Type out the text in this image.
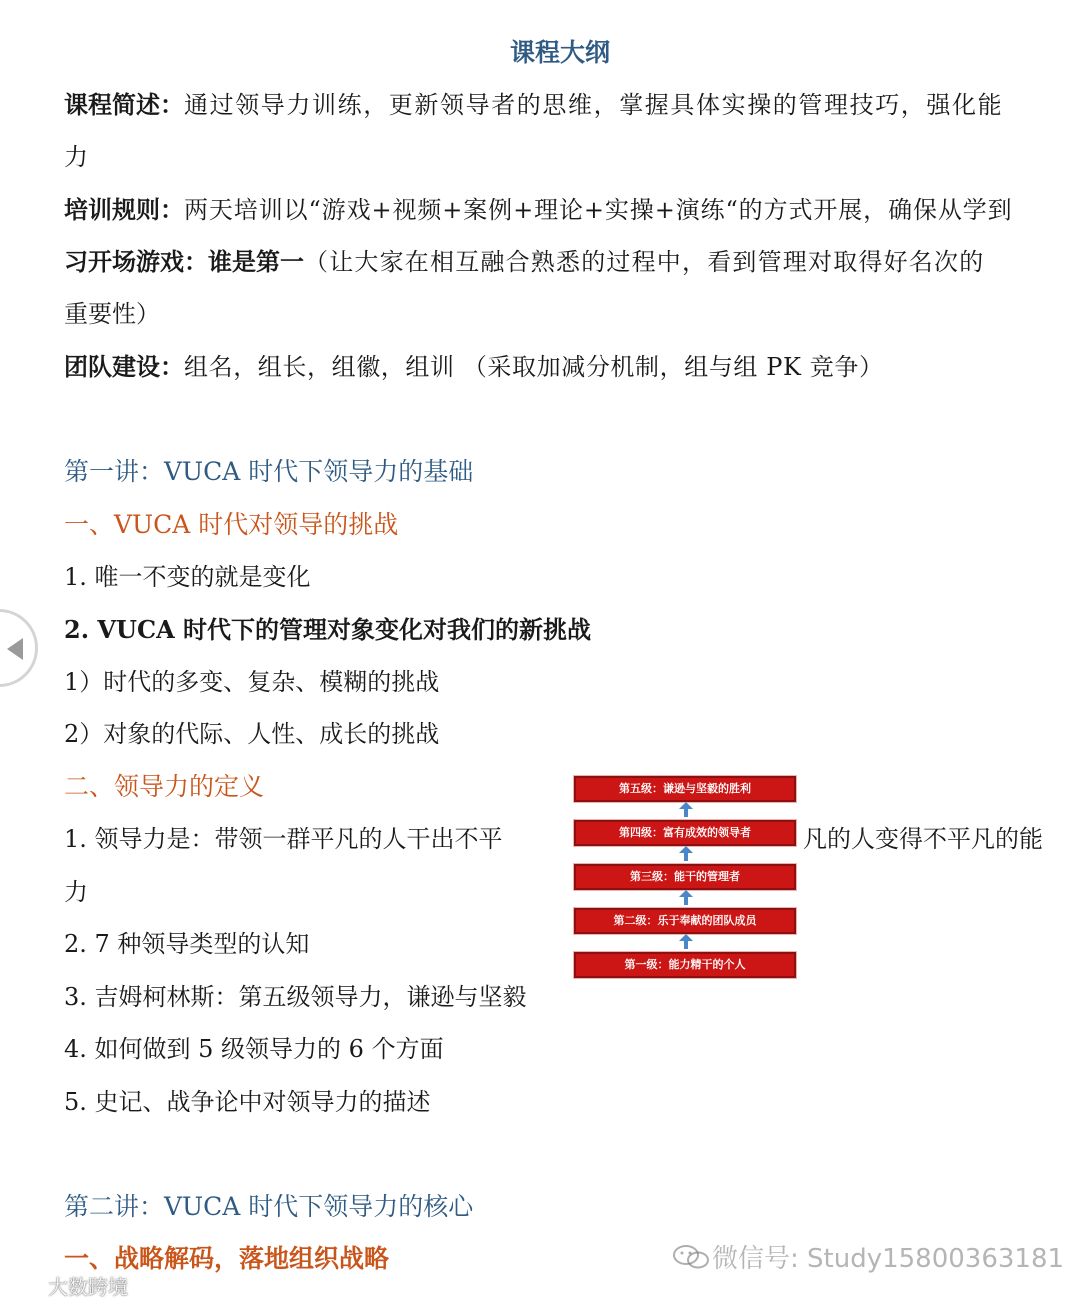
课程大纲
课程简述：通过领导力训练，更新领导者的思维，掌握具体实操的管理技巧，强化能
力
培训规则：两天培训以“游戏+视频+案例+理论+实操+演练“的方式开展，确保从学到
习开场游戏：谁是第一（让大家在相互融合熟悉的过程中，看到管理对取得好名次的
重要性）
团队建设：组名，组长，组徽，组训 （采取加减分机制，组与组 PK 竞争）
第一讲：VUCA 时代下领导力的基础
一、VUCA 时代对领导的挑战
1. 唯一不变的就是变化
2. VUCA 时代下的管理对象变化对我们的新挑战
1）时代的多变、复杂、模糊的挑战
2）对象的代际、人性、成长的挑战
二、领导力的定义
1. 领导力是：带领一群平凡的人干出不平	凡的人变得不平凡的能
力
2. 7 种领导类型的认知
3. 吉姆柯林斯：第五级领导力，谦逊与坚毅
4. 如何做到 5 级领导力的 6 个方面
5. 史记、战争论中对领导力的描述
第二讲：VUCA 时代下领导力的核心
一、战略解码，落地组织战略
第五级：谦逊与坚毅的胜利
第四级：富有成效的领导者
第三级：能干的管理者
第二级：乐于奉献的团队成员
第一级：能力精干的个人
微信号: Study15800363181
大数跨境
